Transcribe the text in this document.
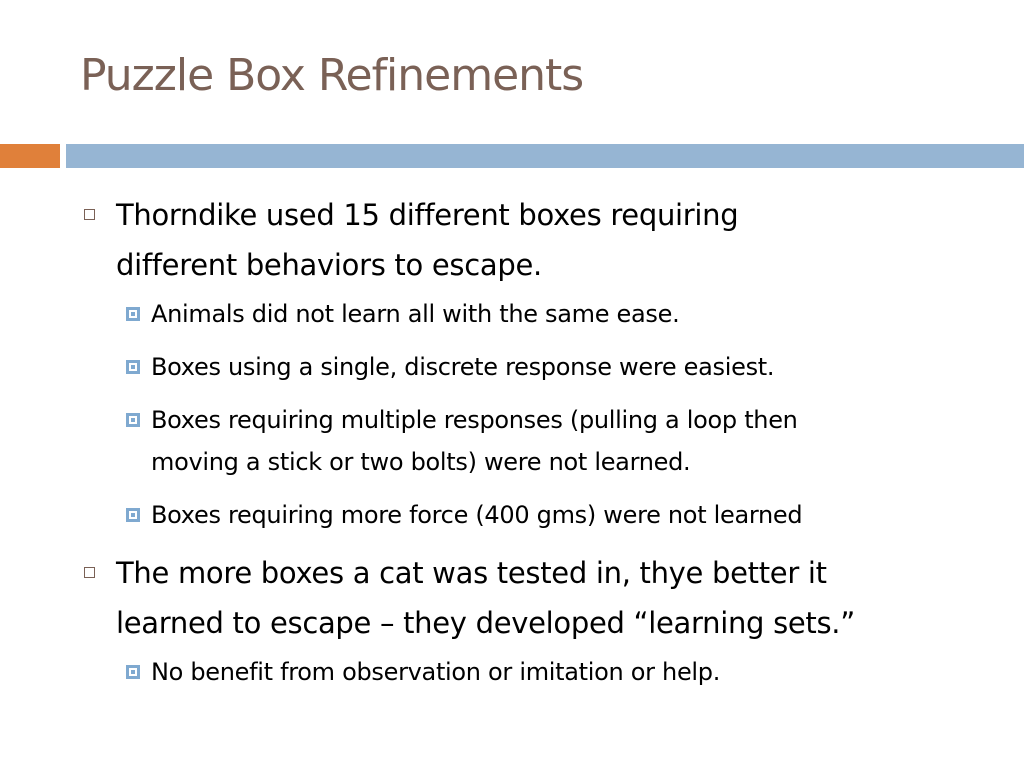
Puzzle Box Refinements
Thorndike used 15 different boxes requiring
different behaviors to escape.
Animals did not learn all with the same ease.
Boxes using a single, discrete response were easiest.
Boxes requiring multiple responses (pulling a loop then
moving a stick or two bolts) were not learned.
Boxes requiring more force (400 gms) were not learned
The more boxes a cat was tested in, thye better it
learned to escape – they developed “learning sets.”
No benefit from observation or imitation or help.
